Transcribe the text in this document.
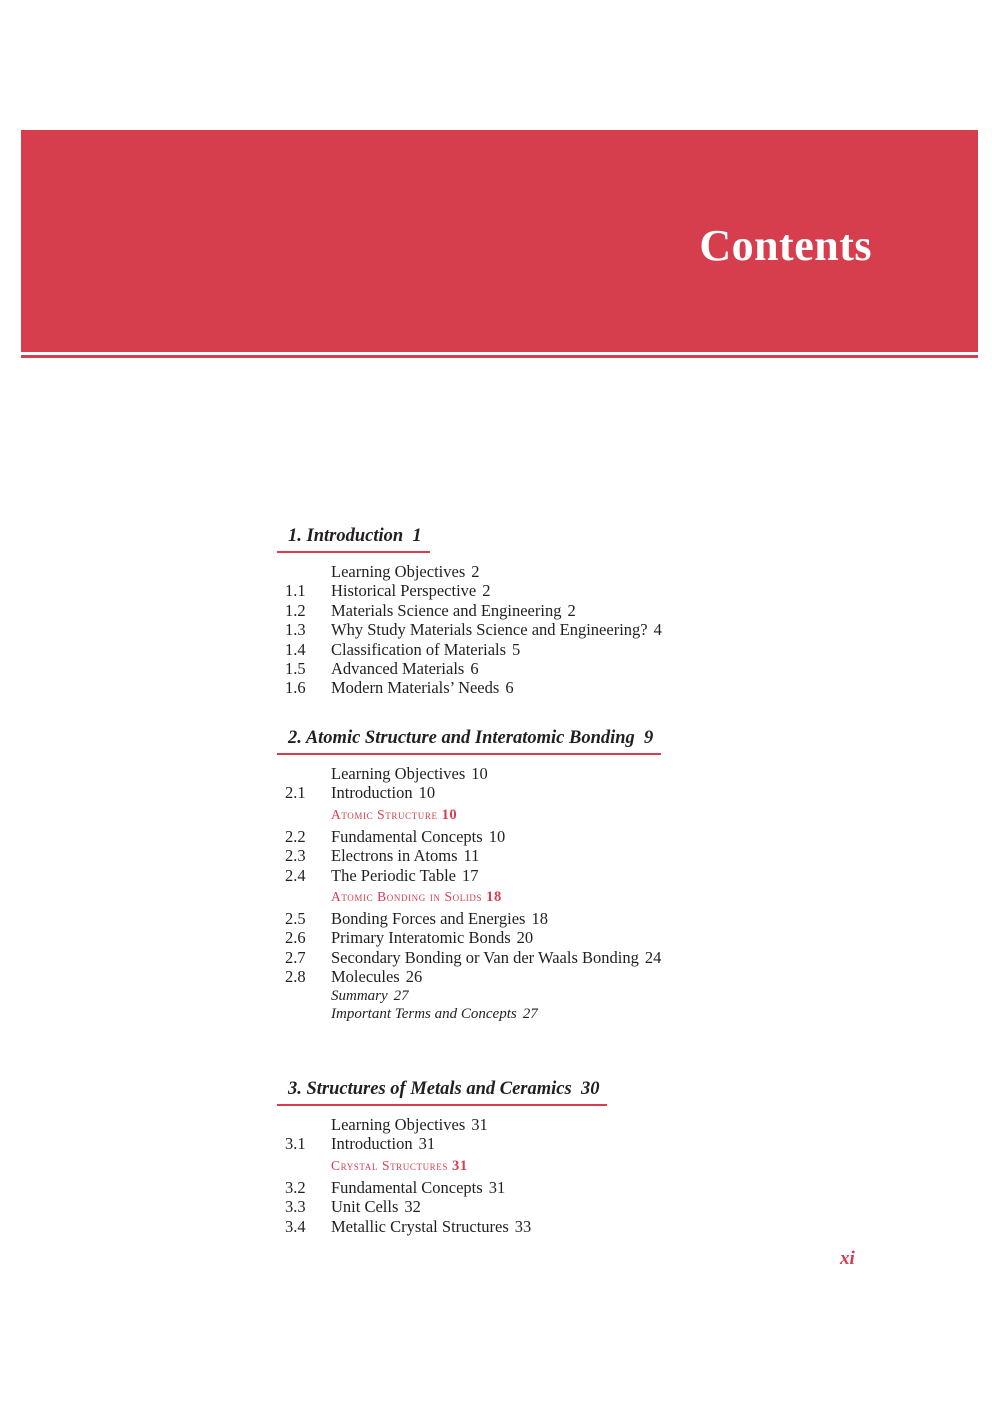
Contents
1. Introduction 1
Learning Objectives 2
1.1 Historical Perspective 2
1.2 Materials Science and Engineering 2
1.3 Why Study Materials Science and Engineering? 4
1.4 Classification of Materials 5
1.5 Advanced Materials 6
1.6 Modern Materials’ Needs 6
2. Atomic Structure and Interatomic Bonding 9
Learning Objectives 10
2.1 Introduction 10
Atomic Structure 10
2.2 Fundamental Concepts 10
2.3 Electrons in Atoms 11
2.4 The Periodic Table 17
Atomic Bonding in Solids 18
2.5 Bonding Forces and Energies 18
2.6 Primary Interatomic Bonds 20
2.7 Secondary Bonding or Van der Waals Bonding 24
2.8 Molecules 26
Summary 27
Important Terms and Concepts 27
3. Structures of Metals and Ceramics 30
Learning Objectives 31
3.1 Introduction 31
Crystal Structures 31
3.2 Fundamental Concepts 31
3.3 Unit Cells 32
3.4 Metallic Crystal Structures 33
xi
